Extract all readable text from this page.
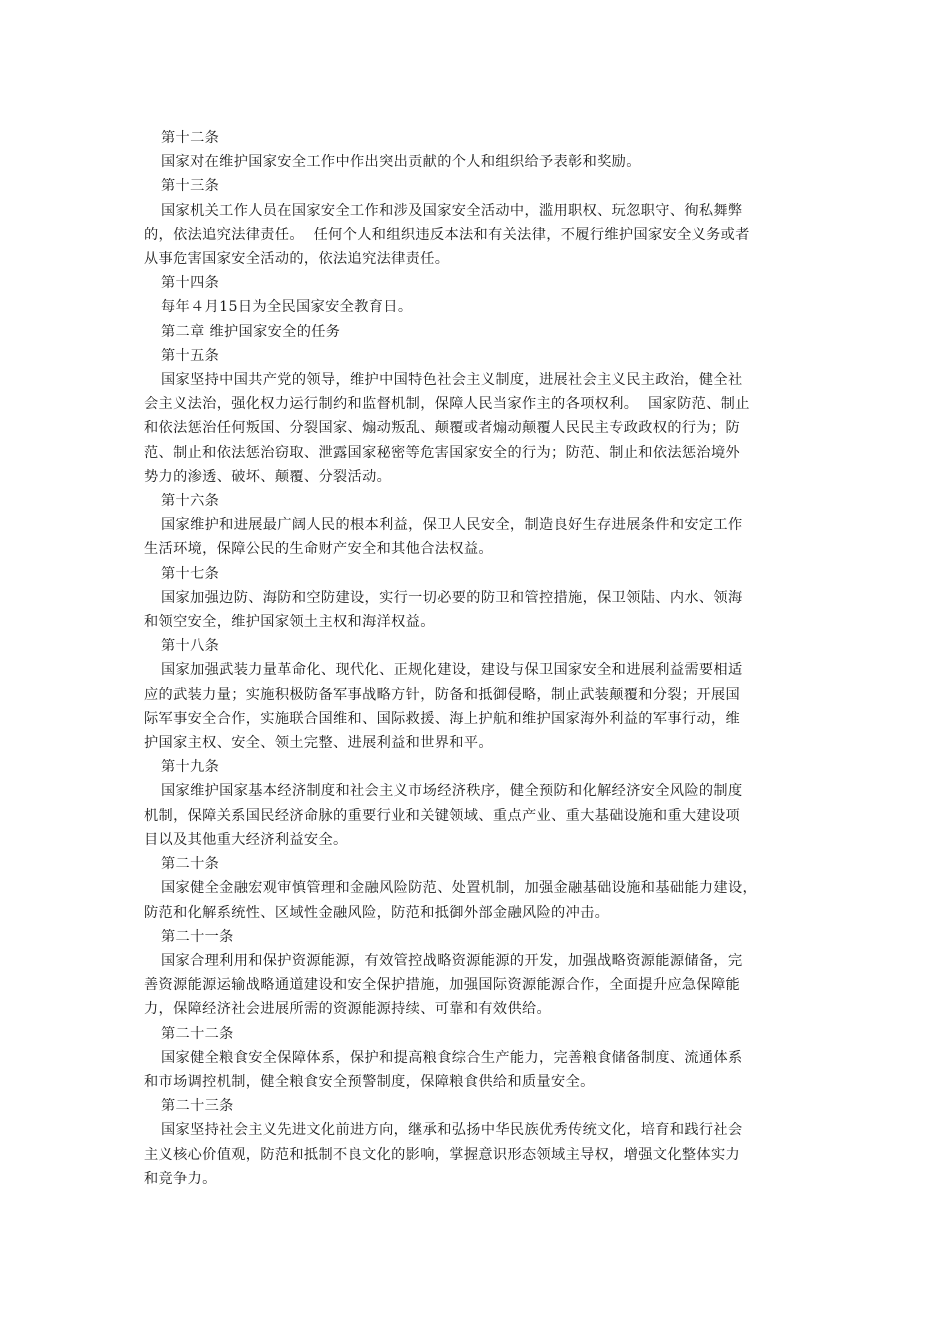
第十二条
国家对在维护国家安全工作中作出突出贡献的个人和组织给予表彰和奖励。
第十三条
国家机关工作人员在国家安全工作和涉及国家安全活动中，滥用职权、玩忽职守、徇私舞弊
的，依法追究法律责任。  任何个人和组织违反本法和有关法律，不履行维护国家安全义务或者
从事危害国家安全活动的，依法追究法律责任。
第十四条
每年４月15日为全民国家安全教育日。
第二章 维护国家安全的任务
第十五条
国家坚持中国共产党的领导，维护中国特色社会主义制度，进展社会主义民主政治，健全社
会主义法治，强化权力运行制约和监督机制，保障人民当家作主的各项权利。  国家防范、制止
和依法惩治任何叛国、分裂国家、煽动叛乱、颠覆或者煽动颠覆人民民主专政政权的行为；防
范、制止和依法惩治窃取、泄露国家秘密等危害国家安全的行为；防范、制止和依法惩治境外
势力的渗透、破坏、颠覆、分裂活动。
第十六条
国家维护和进展最广阔人民的根本利益，保卫人民安全，制造良好生存进展条件和安定工作
生活环境，保障公民的生命财产安全和其他合法权益。
第十七条
国家加强边防、海防和空防建设，实行一切必要的防卫和管控措施，保卫领陆、内水、领海
和领空安全，维护国家领土主权和海洋权益。
第十八条
国家加强武装力量革命化、现代化、正规化建设，建设与保卫国家安全和进展利益需要相适
应的武装力量；实施积极防备军事战略方针，防备和抵御侵略，制止武装颠覆和分裂；开展国
际军事安全合作，实施联合国维和、国际救援、海上护航和维护国家海外利益的军事行动，维
护国家主权、安全、领土完整、进展利益和世界和平。
第十九条
国家维护国家基本经济制度和社会主义市场经济秩序，健全预防和化解经济安全风险的制度
机制，保障关系国民经济命脉的重要行业和关键领域、重点产业、重大基础设施和重大建设项
目以及其他重大经济利益安全。
第二十条
国家健全金融宏观审慎管理和金融风险防范、处置机制，加强金融基础设施和基础能力建设，
防范和化解系统性、区域性金融风险，防范和抵御外部金融风险的冲击。
第二十一条
国家合理利用和保护资源能源，有效管控战略资源能源的开发，加强战略资源能源储备，完
善资源能源运输战略通道建设和安全保护措施，加强国际资源能源合作，全面提升应急保障能
力，保障经济社会进展所需的资源能源持续、可靠和有效供给。
第二十二条
国家健全粮食安全保障体系，保护和提高粮食综合生产能力，完善粮食储备制度、流通体系
和市场调控机制，健全粮食安全预警制度，保障粮食供给和质量安全。
第二十三条
国家坚持社会主义先进文化前进方向，继承和弘扬中华民族优秀传统文化，培育和践行社会
主义核心价值观，防范和抵制不良文化的影响，掌握意识形态领域主导权，增强文化整体实力
和竞争力。
